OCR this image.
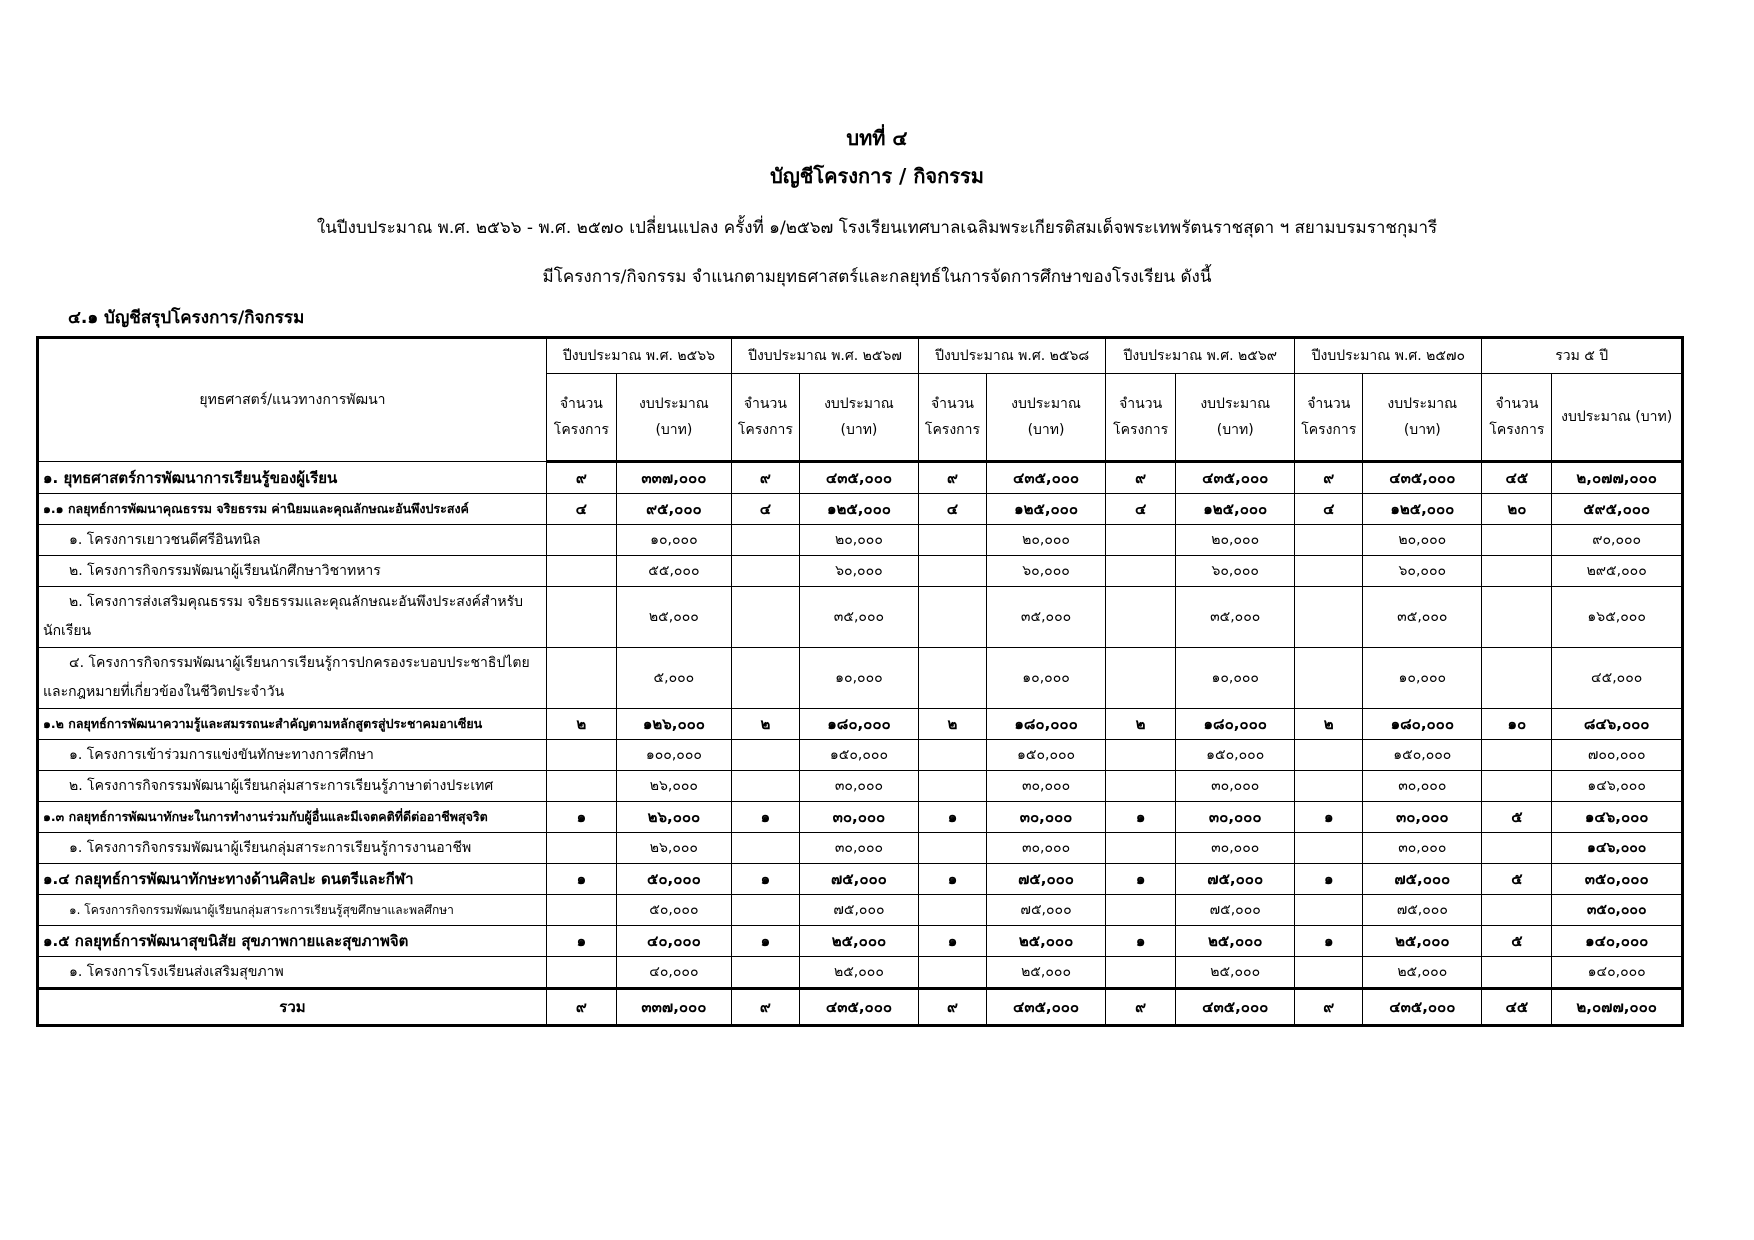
บทที่ ๔
บัญชีโครงการ / กิจกรรม
ในปีงบประมาณ พ.ศ. ๒๕๖๖ - พ.ศ. ๒๕๗๐ เปลี่ยนแปลง ครั้งที่ ๑/๒๕๖๗ โรงเรียนเทศบาลเฉลิมพระเกียรติสมเด็จพระเทพรัตนราชสุดา ฯ สยามบรมราชกุมารี
มีโครงการ/กิจกรรม จำแนกตามยุทธศาสตร์และกลยุทธ์ในการจัดการศึกษาของโรงเรียน ดังนี้
๔.๑ บัญชีสรุปโครงการ/กิจกรรม
ยุทธศาสตร์/แนวทางการพัฒนา	ปีงบประมาณ พ.ศ. ๒๕๖๖		ปีงบประมาณ พ.ศ. ๒๕๖๗		ปีงบประมาณ พ.ศ. ๒๕๖๘		ปีงบประมาณ พ.ศ. ๒๕๖๙		ปีงบประมาณ พ.ศ. ๒๕๗๐		รวม ๕ ปี	
	จำนวน โครงการ	งบประมาณ (บาท)	จำนวน โครงการ	งบประมาณ (บาท)	จำนวน โครงการ	งบประมาณ (บาท)	จำนวน โครงการ	งบประมาณ (บาท)	จำนวน โครงการ	งบประมาณ (บาท)	จำนวน โครงการ	งบประมาณ (บาท)
๑. ยุทธศาสตร์การพัฒนาการเรียนรู้ของผู้เรียน	๙	๓๓๗,๐๐๐	๙	๔๓๕,๐๐๐	๙	๔๓๕,๐๐๐	๙	๔๓๕,๐๐๐	๙	๔๓๕,๐๐๐	๔๕	๒,๐๗๗,๐๐๐
๑.๑ กลยุทธ์การพัฒนาคุณธรรม จริยธรรม ค่านิยมและคุณลักษณะอันพึงประสงค์	๔	๙๕,๐๐๐	๔	๑๒๕,๐๐๐	๔	๑๒๕,๐๐๐	๔	๑๒๕,๐๐๐	๔	๑๒๕,๐๐๐	๒๐	๕๙๕,๐๐๐
๑. โครงการเยาวชนดีศรีอินทนิล		๑๐,๐๐๐		๒๐,๐๐๐		๒๐,๐๐๐		๒๐,๐๐๐		๒๐,๐๐๐		๙๐,๐๐๐
๒. โครงการกิจกรรมพัฒนาผู้เรียนนักศึกษาวิชาทหาร		๕๕,๐๐๐		๖๐,๐๐๐		๖๐,๐๐๐		๖๐,๐๐๐		๖๐,๐๐๐		๒๙๕,๐๐๐
๒. โครงการส่งเสริมคุณธรรม จริยธรรมและคุณลักษณะอันพึงประสงค์สำหรับนักเรียน		๒๕,๐๐๐		๓๕,๐๐๐		๓๕,๐๐๐		๓๕,๐๐๐		๓๕,๐๐๐		๑๖๕,๐๐๐
๔. โครงการกิจกรรมพัฒนาผู้เรียนการเรียนรู้การปกครองระบอบประชาธิปไตยและกฎหมายที่เกี่ยวข้องในชีวิตประจำวัน		๕,๐๐๐		๑๐,๐๐๐		๑๐,๐๐๐		๑๐,๐๐๐		๑๐,๐๐๐		๔๕,๐๐๐
๑.๒ กลยุทธ์การพัฒนาความรู้และสมรรถนะสำคัญตามหลักสูตรสู่ประชาคมอาเซียน	๒	๑๒๖,๐๐๐	๒	๑๘๐,๐๐๐	๒	๑๘๐,๐๐๐	๒	๑๘๐,๐๐๐	๒	๑๘๐,๐๐๐	๑๐	๘๔๖,๐๐๐
๑. โครงการเข้าร่วมการแข่งขันทักษะทางการศึกษา		๑๐๐,๐๐๐		๑๕๐,๐๐๐		๑๕๐,๐๐๐		๑๕๐,๐๐๐		๑๕๐,๐๐๐		๗๐๐,๐๐๐
๒. โครงการกิจกรรมพัฒนาผู้เรียนกลุ่มสาระการเรียนรู้ภาษาต่างประเทศ		๒๖,๐๐๐		๓๐,๐๐๐		๓๐,๐๐๐		๓๐,๐๐๐		๓๐,๐๐๐		๑๔๖,๐๐๐
๑.๓ กลยุทธ์การพัฒนาทักษะในการทำงานร่วมกับผู้อื่นและมีเจตคติที่ดีต่ออาชีพสุจริต	๑	๒๖,๐๐๐	๑	๓๐,๐๐๐	๑	๓๐,๐๐๐	๑	๓๐,๐๐๐	๑	๓๐,๐๐๐	๕	๑๔๖,๐๐๐
๑. โครงการกิจกรรมพัฒนาผู้เรียนกลุ่มสาระการเรียนรู้การงานอาชีพ		๒๖,๐๐๐		๓๐,๐๐๐		๓๐,๐๐๐		๓๐,๐๐๐		๓๐,๐๐๐		๑๔๖,๐๐๐
๑.๔ กลยุทธ์การพัฒนาทักษะทางด้านศิลปะ ดนตรีและกีฬา	๑	๕๐,๐๐๐	๑	๗๕,๐๐๐	๑	๗๕,๐๐๐	๑	๗๕,๐๐๐	๑	๗๕,๐๐๐	๕	๓๕๐,๐๐๐
๑. โครงการกิจกรรมพัฒนาผู้เรียนกลุ่มสาระการเรียนรู้สุขศึกษาและพลศึกษา		๕๐,๐๐๐		๗๕,๐๐๐		๗๕,๐๐๐		๗๕,๐๐๐		๗๕,๐๐๐		๓๕๐,๐๐๐
๑.๕ กลยุทธ์การพัฒนาสุขนิสัย สุขภาพกายและสุขภาพจิต	๑	๔๐,๐๐๐	๑	๒๕,๐๐๐	๑	๒๕,๐๐๐	๑	๒๕,๐๐๐	๑	๒๕,๐๐๐	๕	๑๔๐,๐๐๐
๑. โครงการโรงเรียนส่งเสริมสุขภาพ		๔๐,๐๐๐		๒๕,๐๐๐		๒๕,๐๐๐		๒๕,๐๐๐		๒๕,๐๐๐		๑๔๐,๐๐๐
รวม	๙	๓๓๗,๐๐๐	๙	๔๓๕,๐๐๐	๙	๔๓๕,๐๐๐	๙	๔๓๕,๐๐๐	๙	๔๓๕,๐๐๐	๔๕	๒,๐๗๗,๐๐๐
